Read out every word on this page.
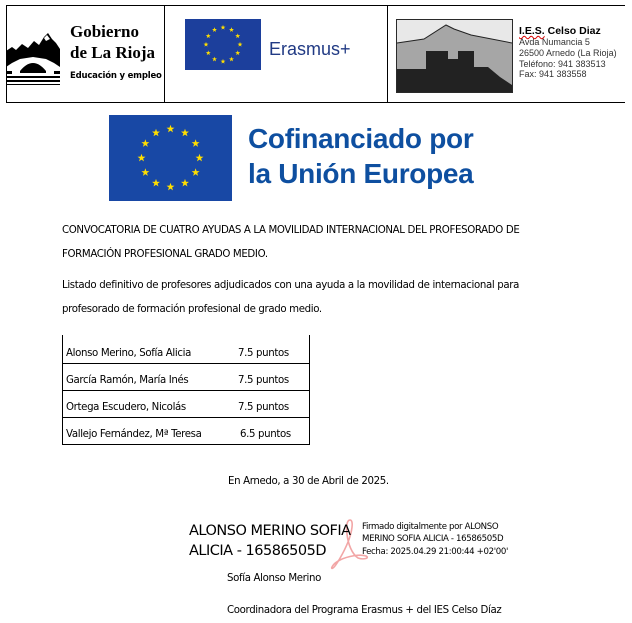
Gobierno
de La Rioja
Educación y empleo
Erasmus+
I.E.S. Celso Diaz
Avda Numancia 5
26500 Arnedo (La Rioja)
Teléfono: 941 383513
Fax: 941 383558
Cofinanciado por
la Unión Europea
CONVOCATORIA DE CUATRO AYUDAS A LA MOVILIDAD INTERNACIONAL DEL PROFESORADO DE
FORMACIÓN PROFESIONAL GRADO MEDIO.
Listado definitivo de profesores adjudicados con una ayuda a la movilidad de internacional para
profesorado de formación profesional de grado medio.
Alonso Merino, Sofía Alicia	7.5 puntos
García Ramón, María Inés	7.5 puntos
Ortega Escudero, Nicolás	7.5 puntos
Vallejo Fernández, Mª Teresa	6.5 puntos
En Arnedo, a 30 de Abril de 2025.
ALONSO MERINO SOFIA
ALICIA - 16586505D
Firmado digitalmente por ALONSO
MERINO SOFIA ALICIA - 16586505D
Fecha: 2025.04.29 21:00:44 +02'00'
Sofía Alonso Merino
Coordinadora del Programa Erasmus + del IES Celso Díaz
